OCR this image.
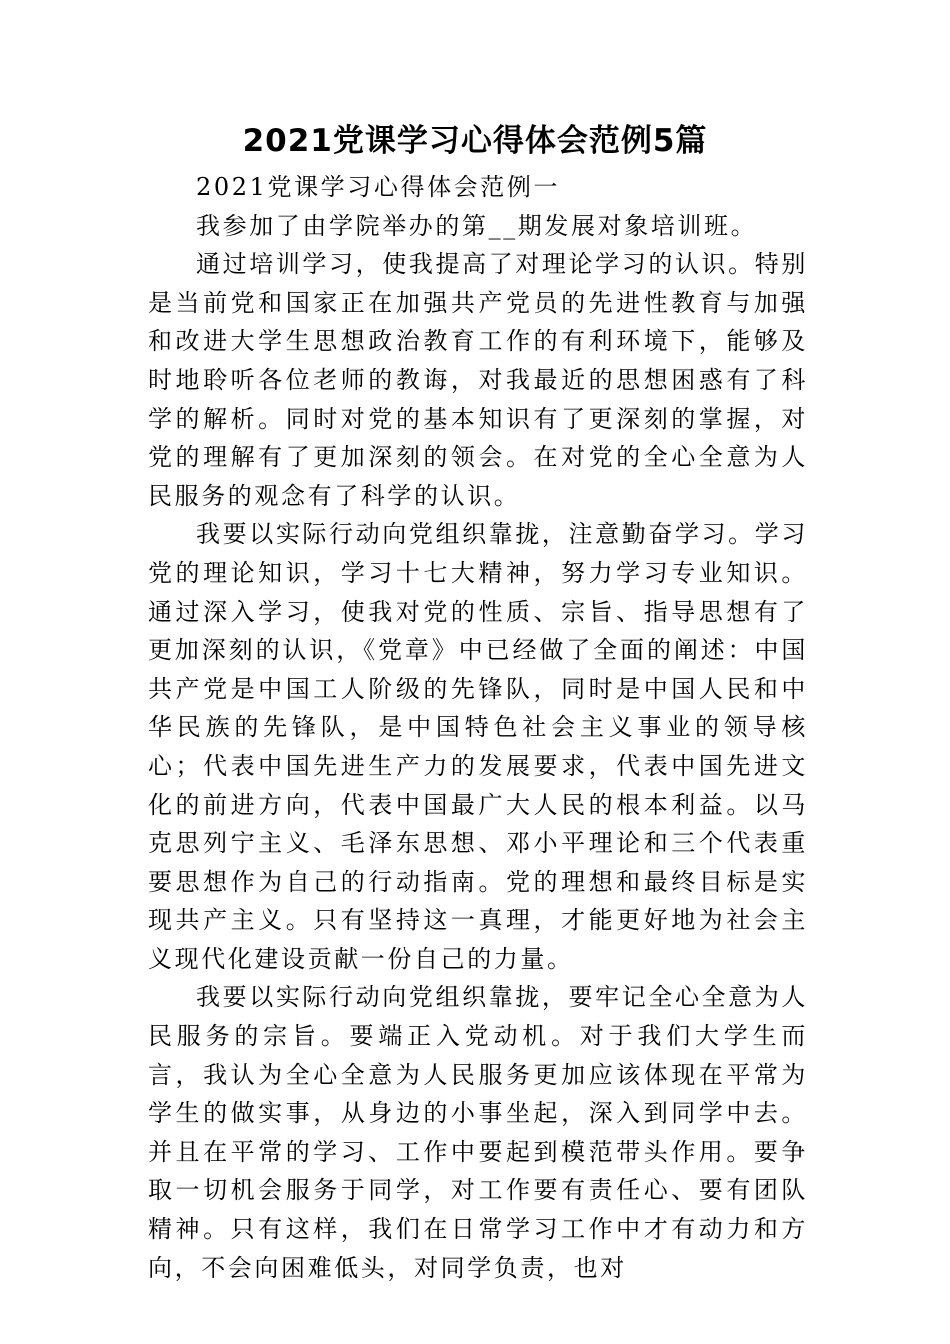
2021党课学习心得体会范例5篇

2021党课学习心得体会范例一

我参加了由学院举办的第__期发展对象培训班。

通过培训学习，使我提高了对理论学习的认识。特别是当前党和国家正在加强共产党员的先进性教育与加强和改进大学生思想政治教育工作的有利环境下，能够及时地聆听各位老师的教诲，对我最近的思想困惑有了科学的解析。同时对党的基本知识有了更深刻的掌握，对党的理解有了更加深刻的领会。在对党的全心全意为人民服务的观念有了科学的认识。

我要以实际行动向党组织靠拢，注意勤奋学习。学习党的理论知识，学习十七大精神，努力学习专业知识。通过深入学习，使我对党的性质、宗旨、指导思想有了更加深刻的认识，《党章》中已经做了全面的阐述：中国共产党是中国工人阶级的先锋队，同时是中国人民和中华民族的先锋队，是中国特色社会主义事业的领导核心；代表中国先进生产力的发展要求，代表中国先进文化的前进方向，代表中国最广大人民的根本利益。以马克思列宁主义、毛泽东思想、邓小平理论和三个代表重要思想作为自己的行动指南。党的理想和最终目标是实现共产主义。只有坚持这一真理，才能更好地为社会主义现代化建设贡献一份自己的力量。

我要以实际行动向党组织靠拢，要牢记全心全意为人民服务的宗旨。要端正入党动机。对于我们大学生而言，我认为全心全意为人民服务更加应该体现在平常为学生的做实事，从身边的小事坐起，深入到同学中去。并且在平常的学习、工作中要起到模范带头作用。要争取一切机会服务于同学，对工作要有责任心、要有团队精神。只有这样，我们在日常学习工作中才有动力和方向，不会向困难低头，对同学负责，也对
